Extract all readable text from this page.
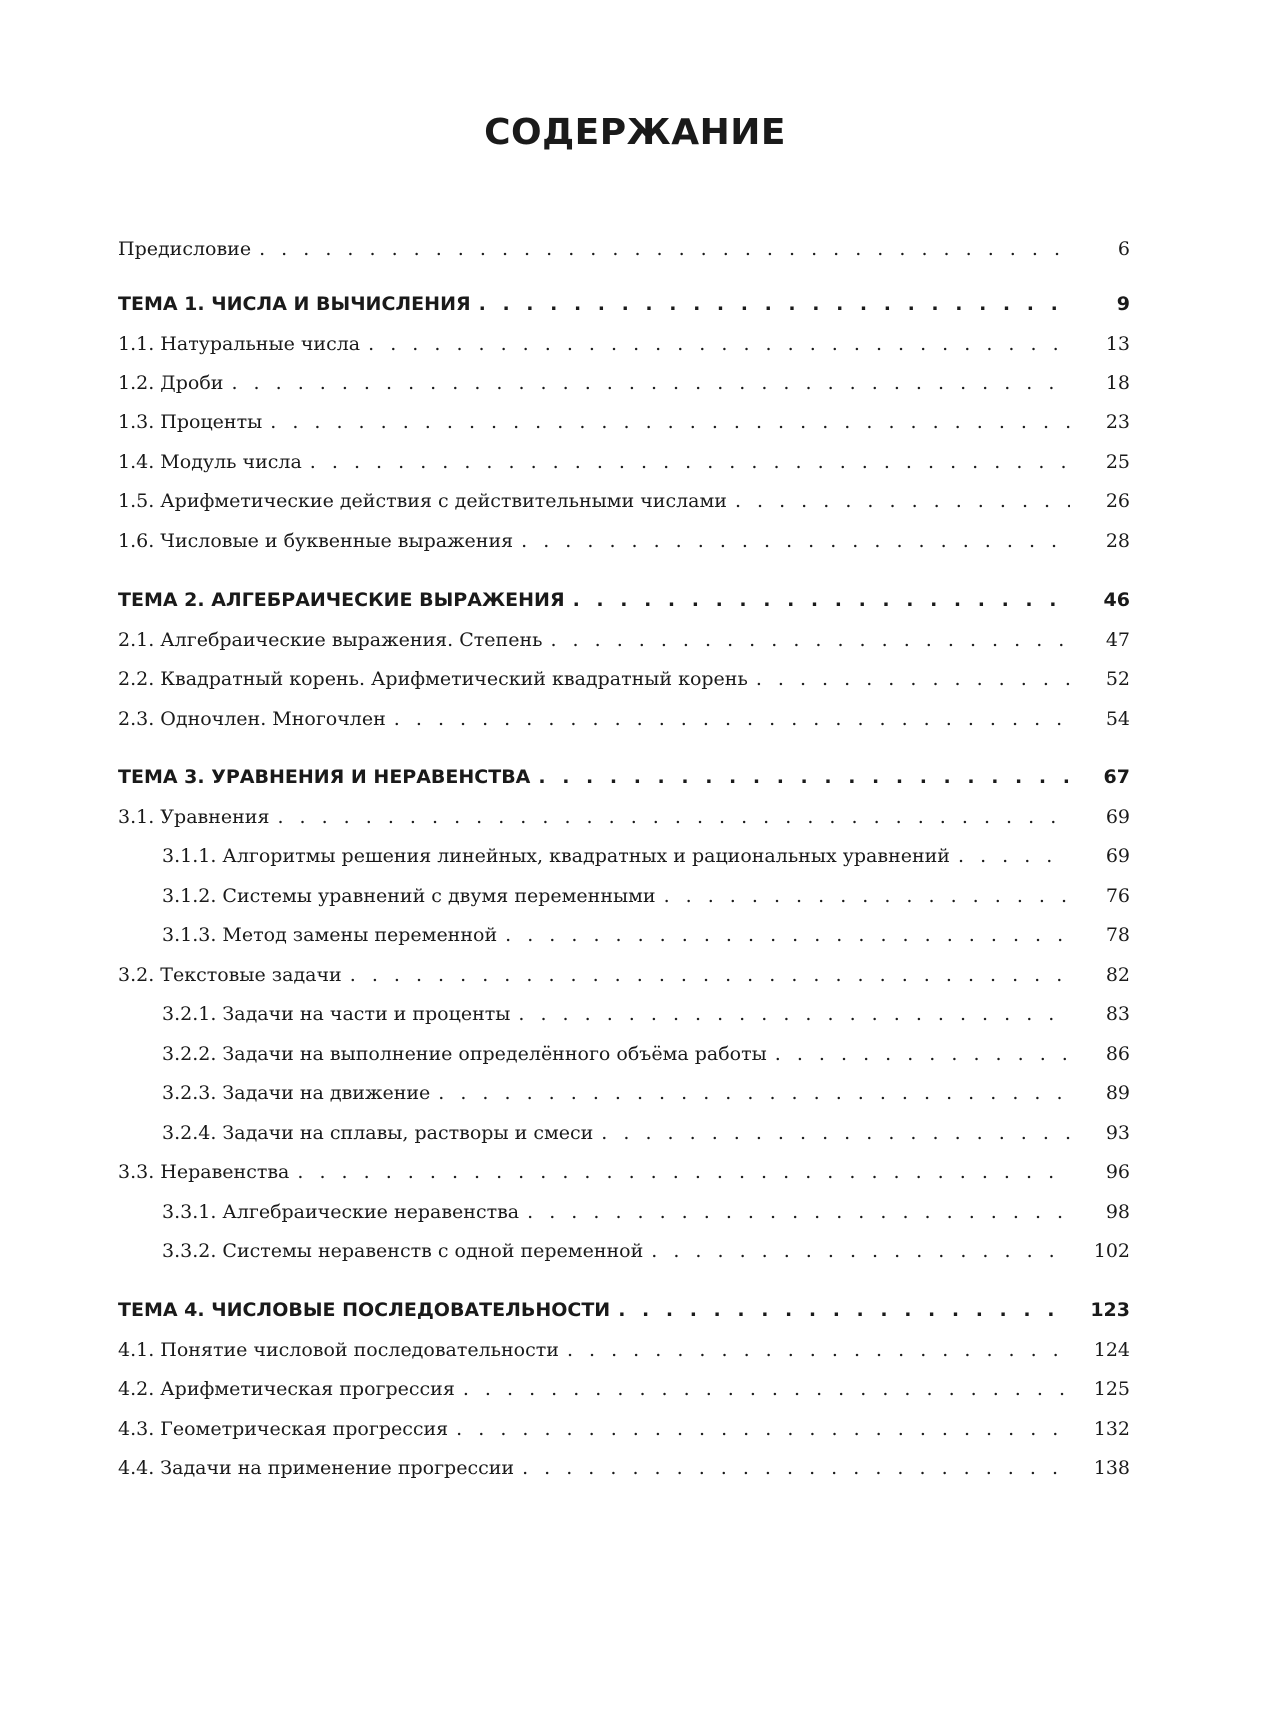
СОДЕРЖАНИЕ
Предисловие . . .	6
ТЕМА 1. ЧИСЛА И ВЫЧИСЛЕНИЯ . . .	9
1.1. Натуральные числа . . .	13
1.2. Дроби . . .	18
1.3. Проценты . . .	23
1.4. Модуль числа . . .	25
1.5. Арифметические действия с действительными числами . . .	26
1.6. Числовые и буквенные выражения . . .	28
ТЕМА 2. АЛГЕБРАИЧЕСКИЕ ВЫРАЖЕНИЯ . . .	46
2.1. Алгебраические выражения. Степень . . .	47
2.2. Квадратный корень. Арифметический квадратный корень . . .	52
2.3. Одночлен. Многочлен . . .	54
ТЕМА 3. УРАВНЕНИЯ И НЕРАВЕНСТВА . . .	67
3.1. Уравнения . . .	69
3.1.1. Алгоритмы решения линейных, квадратных и рациональных уравнений . . .	69
3.1.2. Системы уравнений с двумя переменными . . .	76
3.1.3. Метод замены переменной . . .	78
3.2. Текстовые задачи . . .	82
3.2.1. Задачи на части и проценты . . .	83
3.2.2. Задачи на выполнение определённого объёма работы . . .	86
3.2.3. Задачи на движение . . .	89
3.2.4. Задачи на сплавы, растворы и смеси . . .	93
3.3. Неравенства . . .	96
3.3.1. Алгебраические неравенства . . .	98
3.3.2. Системы неравенств с одной переменной . . .	102
ТЕМА 4. ЧИСЛОВЫЕ ПОСЛЕДОВАТЕЛЬНОСТИ . . .	123
4.1. Понятие числовой последовательности . . .	124
4.2. Арифметическая прогрессия . . .	125
4.3. Геометрическая прогрессия . . .	132
4.4. Задачи на применение прогрессии . . .	138
